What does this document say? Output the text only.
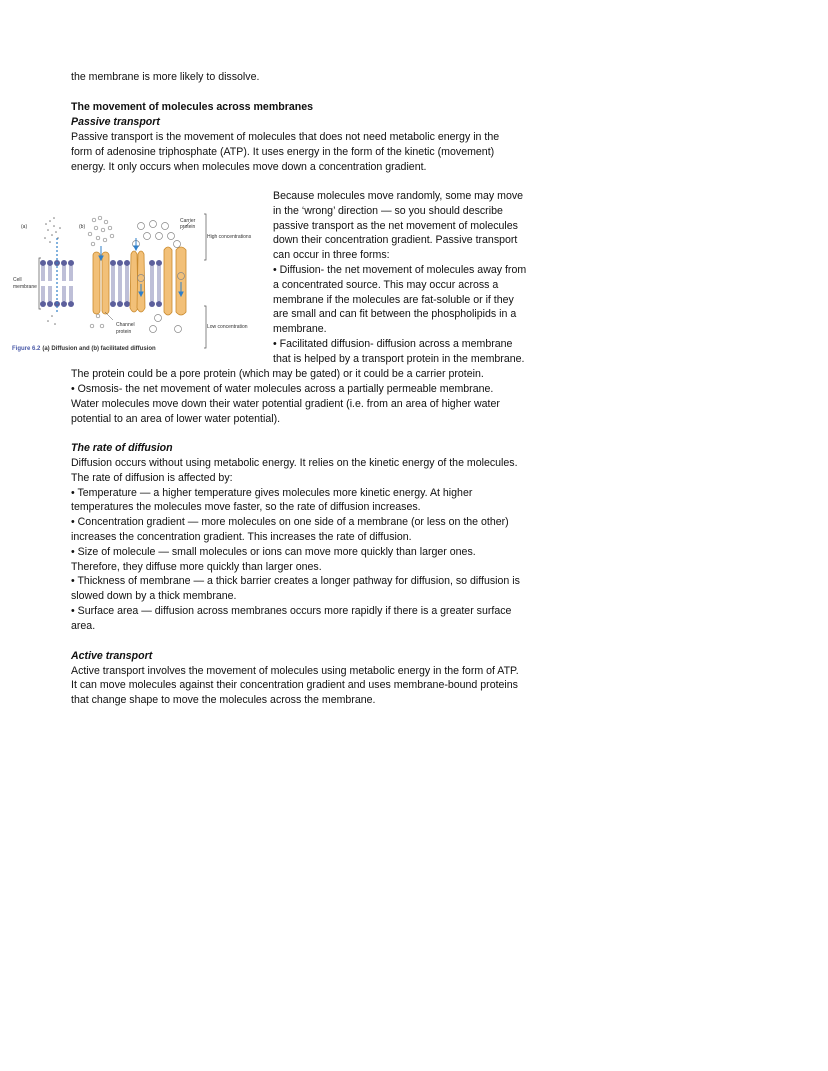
the membrane is more likely to dissolve.
The movement of molecules across membranes
Passive transport
Passive transport is the movement of molecules that does not need metabolic energy in the
form of adenosine triphosphate (ATP). It uses energy in the form of the kinetic (movement)
energy. It only occurs when molecules move down a concentration gradient.
(a)	(b)
Carrier
protein
High concentrations
Low concentration
Cell
membrane
Channel
protein
Figure 6.2 (a) Diffusion and (b) facilitated diffusion
Because molecules move randomly, some may move
in the ‘wrong’ direction — so you should describe
passive transport as the net movement of molecules
down their concentration gradient. Passive transport
can occur in three forms:
• Diffusion- the net movement of molecules away from
a concentrated source. This may occur across a
membrane if the molecules are fat-soluble or if they
are small and can fit between the phospholipids in a
membrane.
• Facilitated diffusion- diffusion across a membrane
that is helped by a transport protein in the membrane.
The protein could be a pore protein (which may be gated) or it could be a carrier protein.
• Osmosis- the net movement of water molecules across a partially permeable membrane.
Water molecules move down their water potential gradient (i.e. from an area of higher water
potential to an area of lower water potential).
The rate of diffusion
Diffusion occurs without using metabolic energy. It relies on the kinetic energy of the molecules.
The rate of diffusion is affected by:
• Temperature — a higher temperature gives molecules more kinetic energy. At higher
temperatures the molecules move faster, so the rate of diffusion increases.
• Concentration gradient — more molecules on one side of a membrane (or less on the other)
increases the concentration gradient. This increases the rate of diffusion.
• Size of molecule — small molecules or ions can move more quickly than larger ones.
Therefore, they diffuse more quickly than larger ones.
• Thickness of membrane — a thick barrier creates a longer pathway for diffusion, so diffusion is
slowed down by a thick membrane.
• Surface area — diffusion across membranes occurs more rapidly if there is a greater surface
area.
Active transport
Active transport involves the movement of molecules using metabolic energy in the form of ATP.
It can move molecules against their concentration gradient and uses membrane-bound proteins
that change shape to move the molecules across the membrane.
